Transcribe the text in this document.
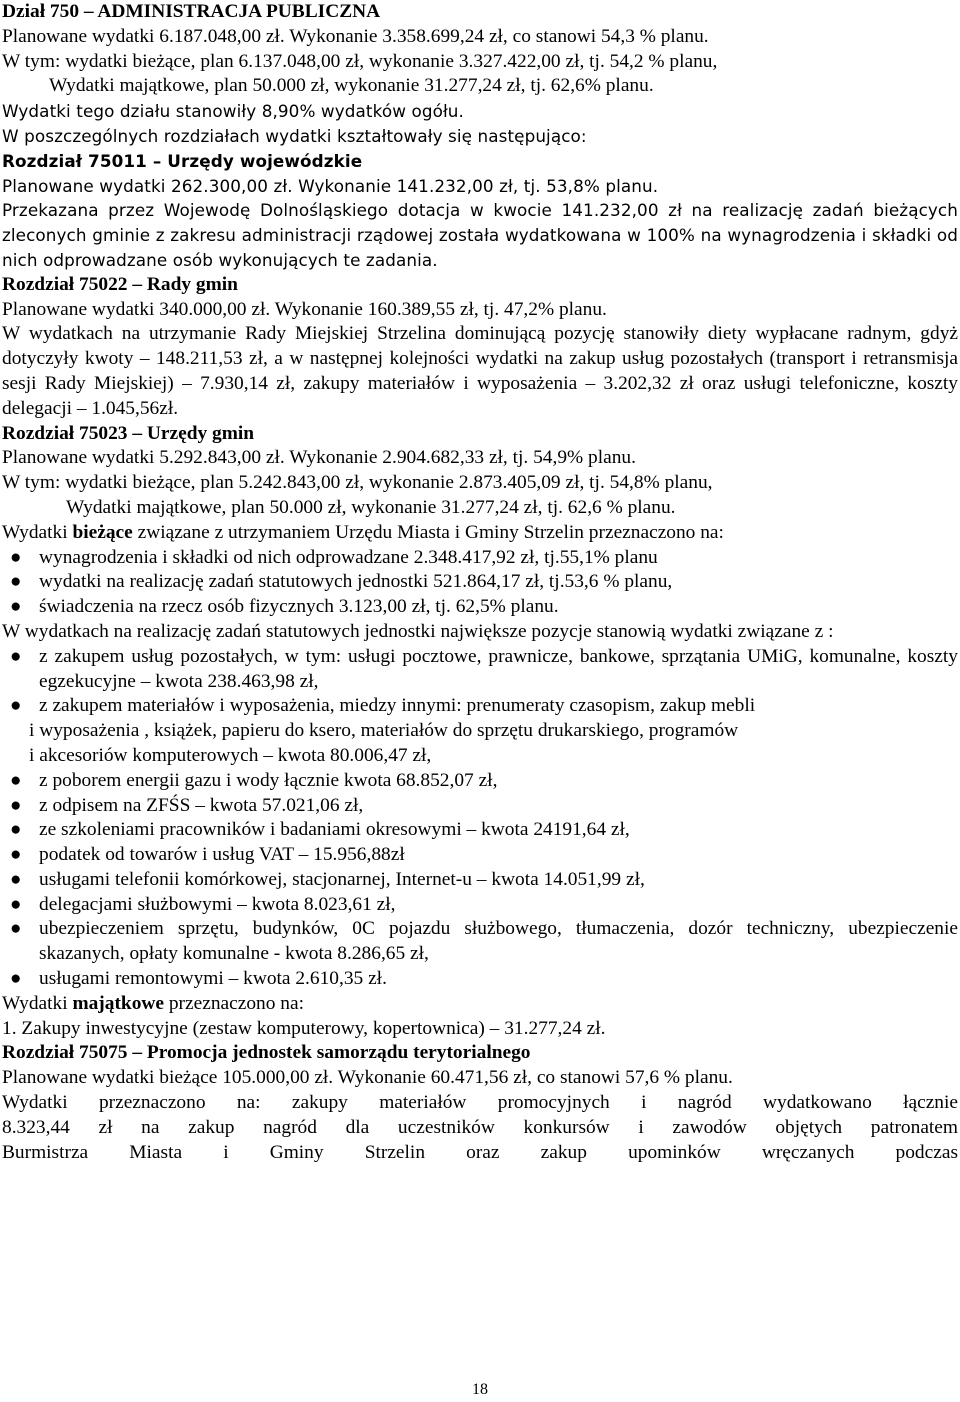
Dział 750 – ADMINISTRACJA PUBLICZNA
Planowane wydatki 6.187.048,00 zł. Wykonanie 3.358.699,24 zł, co stanowi 54,3 % planu.
W tym: wydatki bieżące, plan 6.137.048,00 zł, wykonanie 3.327.422,00 zł, tj. 54,2 % planu,
Wydatki majątkowe, plan 50.000 zł, wykonanie 31.277,24 zł, tj. 62,6% planu.
Wydatki tego działu stanowiły 8,90% wydatków ogółu.
W poszczególnych rozdziałach wydatki kształtowały się następująco:
Rozdział 75011 – Urzędy wojewódzkie
Planowane wydatki 262.300,00 zł. Wykonanie 141.232,00 zł, tj. 53,8% planu.
Przekazana przez Wojewodę Dolnośląskiego dotacja w kwocie 141.232,00 zł na realizację zadań bieżących zleconych gminie z zakresu administracji rządowej została wydatkowana w 100% na wynagrodzenia i składki od nich odprowadzane osób wykonujących te zadania.
Rozdział 75022 – Rady gmin
Planowane wydatki 340.000,00 zł. Wykonanie 160.389,55 zł, tj. 47,2% planu.
W wydatkach na utrzymanie Rady Miejskiej Strzelina dominującą pozycję stanowiły diety wypłacane radnym, gdyż dotyczyły kwoty – 148.211,53 zł, a w następnej kolejności wydatki na zakup usług pozostałych (transport i retransmisja sesji Rady Miejskiej) – 7.930,14 zł, zakupy materiałów i wyposażenia – 3.202,32 zł oraz usługi telefoniczne, koszty delegacji – 1.045,56zł.
Rozdział 75023 – Urzędy gmin
Planowane wydatki 5.292.843,00 zł. Wykonanie 2.904.682,33 zł, tj. 54,9% planu.
W tym: wydatki bieżące, plan 5.242.843,00 zł, wykonanie 2.873.405,09 zł, tj. 54,8% planu,
Wydatki majątkowe, plan 50.000 zł, wykonanie 31.277,24 zł, tj. 62,6 % planu.
Wydatki bieżące związane z utrzymaniem Urzędu Miasta i Gminy Strzelin przeznaczono na:
● wynagrodzenia i składki od nich odprowadzane 2.348.417,92 zł, tj.55,1% planu
● wydatki na realizację zadań statutowych jednostki 521.864,17 zł, tj.53,6 % planu,
● świadczenia na rzecz osób fizycznych 3.123,00 zł, tj. 62,5% planu.
W wydatkach na realizację zadań statutowych jednostki największe pozycje stanowią wydatki związane z :
● z zakupem usług pozostałych, w tym: usługi pocztowe, prawnicze, bankowe, sprzątania UMiG, komunalne, koszty egzekucyjne – kwota 238.463,98 zł,
● z zakupem materiałów i wyposażenia, miedzy innymi: prenumeraty czasopism, zakup mebli
i wyposażenia , książek, papieru do ksero, materiałów do sprzętu drukarskiego, programów
i akcesoriów komputerowych – kwota 80.006,47 zł,
● z poborem energii gazu i wody łącznie kwota 68.852,07 zł,
● z odpisem na ZFŚS – kwota 57.021,06 zł,
● ze szkoleniami pracowników i badaniami okresowymi – kwota 24191,64 zł,
● podatek od towarów i usług VAT – 15.956,88zł
● usługami telefonii komórkowej, stacjonarnej, Internet-u – kwota 14.051,99 zł,
● delegacjami służbowymi – kwota 8.023,61 zł,
● ubezpieczeniem sprzętu, budynków, 0C pojazdu służbowego, tłumaczenia, dozór techniczny, ubezpieczenie skazanych, opłaty komunalne - kwota 8.286,65 zł,
● usługami remontowymi – kwota 2.610,35 zł.
Wydatki majątkowe przeznaczono na:
1. Zakupy inwestycyjne (zestaw komputerowy, kopertownica) – 31.277,24 zł.
Rozdział 75075 – Promocja jednostek samorządu terytorialnego
Planowane wydatki bieżące 105.000,00 zł. Wykonanie 60.471,56 zł, co stanowi 57,6 % planu.
Wydatki przeznaczono na: zakupy materiałów promocyjnych i nagród wydatkowano łącznie
8.323,44 zł na zakup nagród dla uczestników konkursów i zawodów objętych patronatem
Burmistrza Miasta i Gminy Strzelin oraz zakup upominków wręczanych podczas
18
